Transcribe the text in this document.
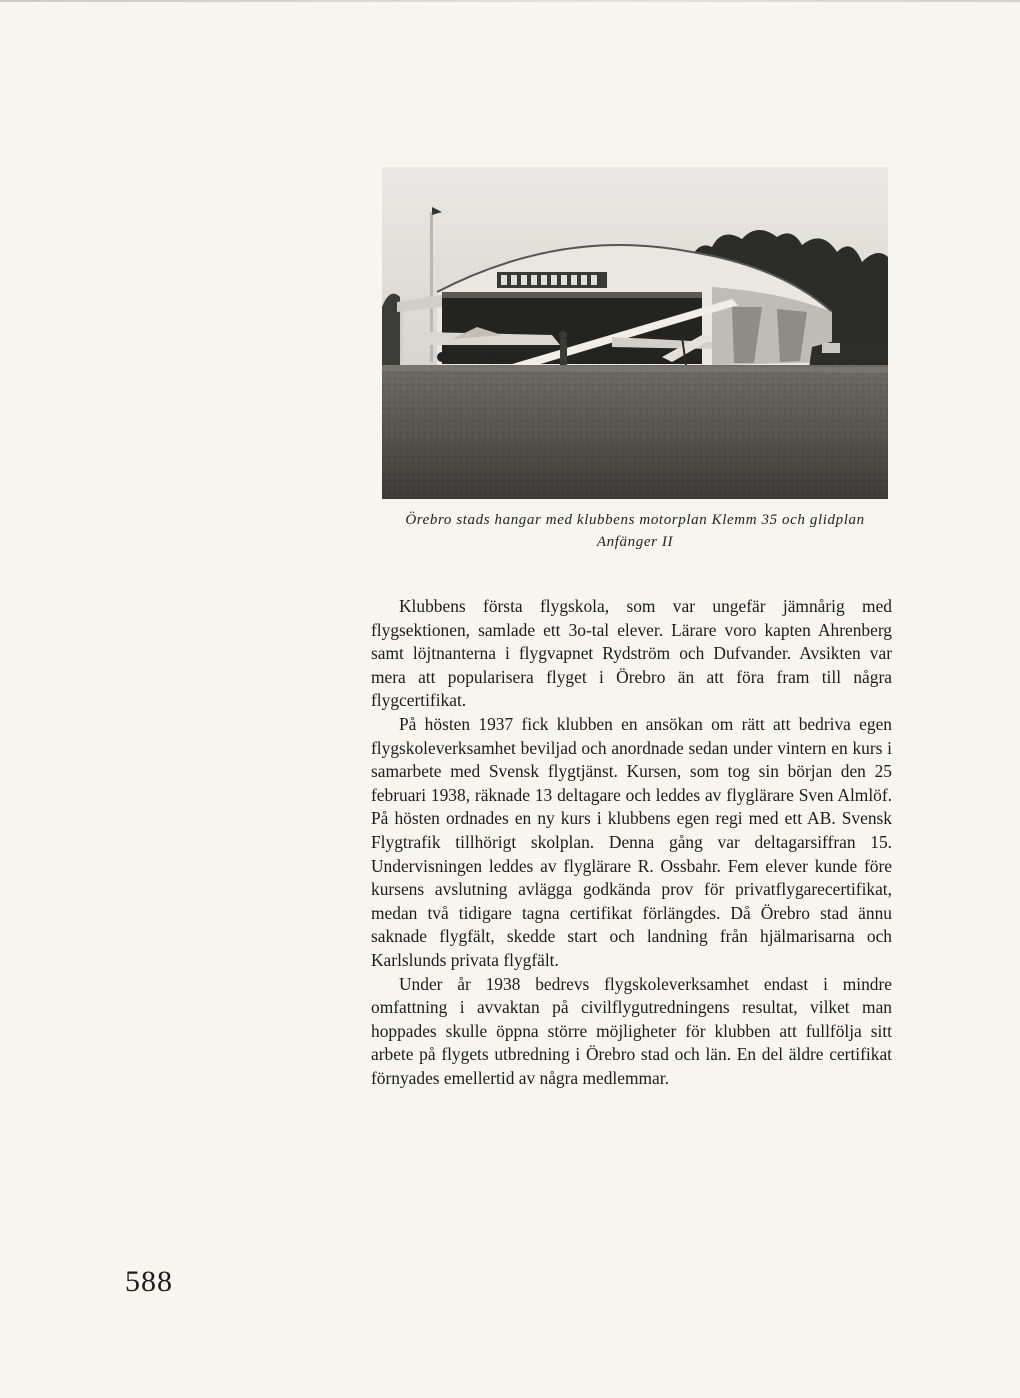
Örebro stads hangar med klubbens motorplan Klemm 35 och glidplan
Anfänger II

Klubbens första flygskola, som var ungefär jämnårig med flygsektionen, samlade ett 3o-tal elever. Lärare voro kapten Ahrenberg samt löjtnanterna i flygvapnet Rydström och Dufvander. Avsikten var mera att popularisera flyget i Örebro än att föra fram till några flygcertifikat.

På hösten 1937 fick klubben en ansökan om rätt att bedriva egen flygskoleverksamhet beviljad och anordnade sedan under vintern en kurs i samarbete med Svensk flygtjänst. Kursen, som tog sin början den 25 februari 1938, räknade 13 deltagare och leddes av flyglärare Sven Almlöf. På hösten ordnades en ny kurs i klubbens egen regi med ett AB. Svensk Flygtrafik tillhörigt skolplan. Denna gång var deltagarsiffran 15. Undervisningen leddes av flyglärare R. Ossbahr. Fem elever kunde före kursens avslutning avlägga godkända prov för privatflygarecertifikat, medan två tidigare tagna certifikat förlängdes. Då Örebro stad ännu saknade flygfält, skedde start och landning från hjälmarisarna och Karlslunds privata flygfält.

Under år 1938 bedrevs flygskoleverksamhet endast i mindre omfattning i avvaktan på civilflygutredningens resultat, vilket man hoppades skulle öppna större möjligheter för klubben att fullfölja sitt arbete på flygets utbredning i Örebro stad och län. En del äldre certifikat förnyades emellertid av några medlemmar.

588
